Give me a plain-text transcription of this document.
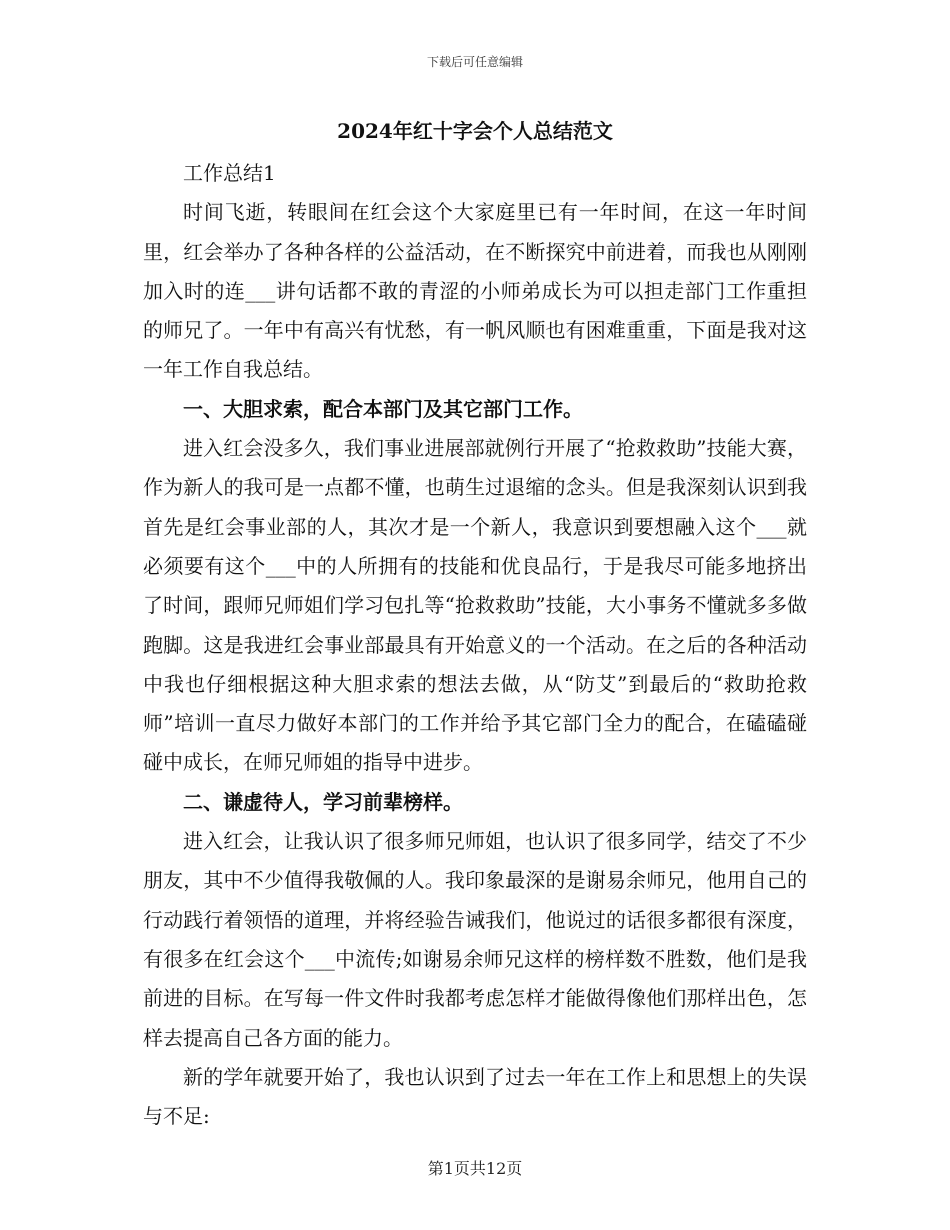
下载后可任意编辑
2024年红十字会个人总结范文

工作总结1

时间飞逝，转眼间在红会这个大家庭里已有一年时间，在这一年时间里，红会举办了各种各样的公益活动，在不断探究中前进着，而我也从刚刚加入时的连___讲句话都不敢的青涩的小师弟成长为可以担走部门工作重担的师兄了。一年中有高兴有忧愁，有一帆风顺也有困难重重，下面是我对这一年工作自我总结。

一、大胆求索，配合本部门及其它部门工作。

进入红会没多久，我们事业进展部就例行开展了“抢救救助”技能大赛，作为新人的我可是一点都不懂，也萌生过退缩的念头。但是我深刻认识到我首先是红会事业部的人，其次才是一个新人，我意识到要想融入这个___就必须要有这个___中的人所拥有的技能和优良品行，于是我尽可能多地挤出了时间，跟师兄师姐们学习包扎等“抢救救助”技能，大小事务不懂就多多做跑脚。这是我进红会事业部最具有开始意义的一个活动。在之后的各种活动中我也仔细根据这种大胆求索的想法去做，从“防艾”到最后的“救助抢救师”培训一直尽力做好本部门的工作并给予其它部门全力的配合，在磕磕碰碰中成长，在师兄师姐的指导中进步。

二、谦虚待人，学习前辈榜样。

进入红会，让我认识了很多师兄师姐，也认识了很多同学，结交了不少朋友，其中不少值得我敬佩的人。我印象最深的是谢易余师兄，他用自己的行动践行着领悟的道理，并将经验告诫我们，他说过的话很多都很有深度，有很多在红会这个___中流传;如谢易余师兄这样的榜样数不胜数，他们是我前进的目标。在写每一件文件时我都考虑怎样才能做得像他们那样出色，怎样去提高自己各方面的能力。

新的学年就要开始了，我也认识到了过去一年在工作上和思想上的失误与不足:

第1页共12页
